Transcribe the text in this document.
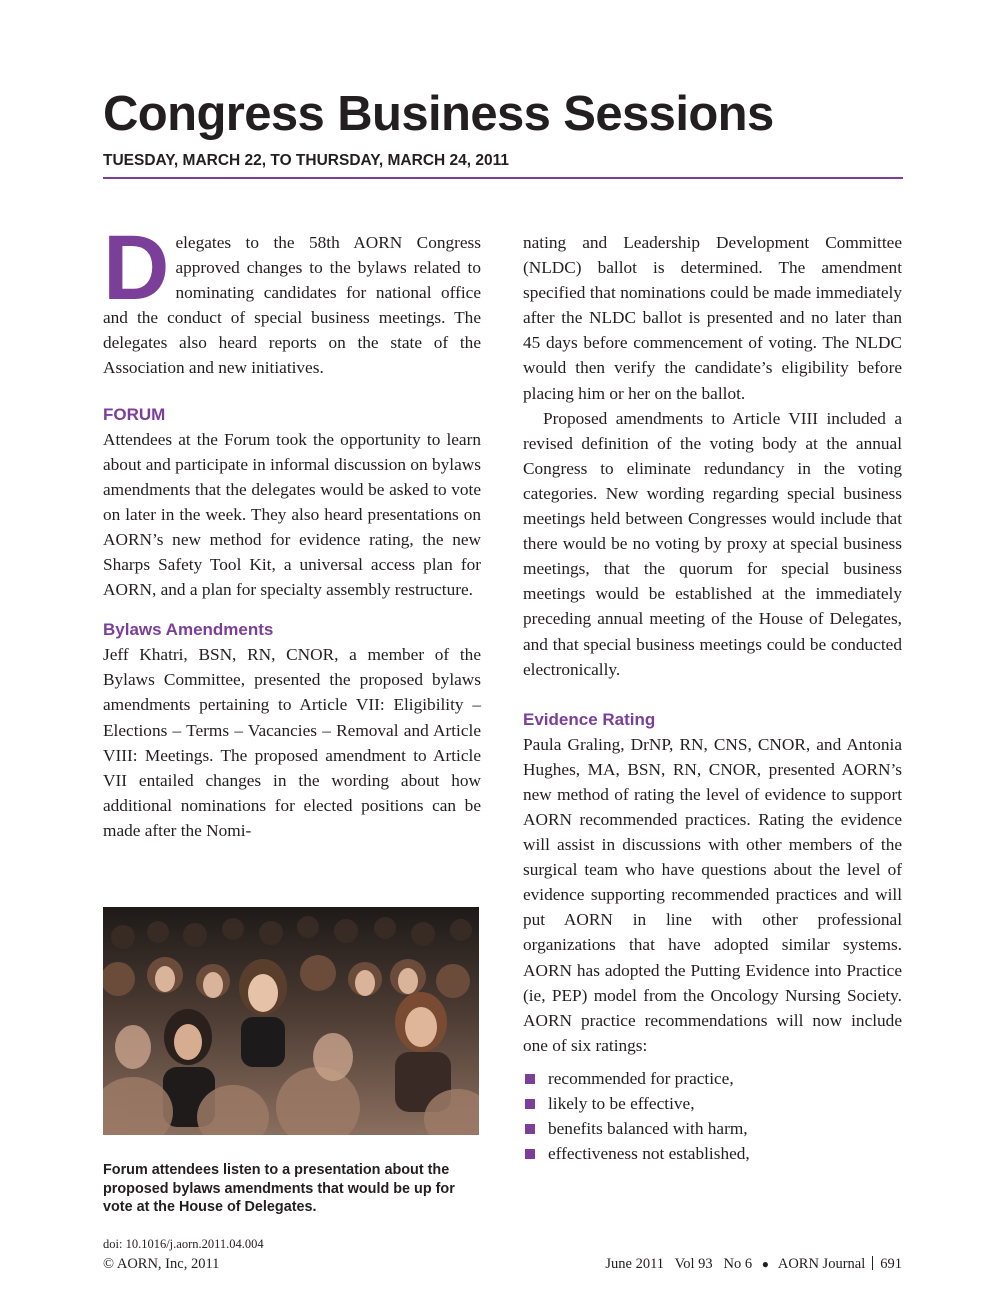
Congress Business Sessions
TUESDAY, MARCH 22, TO THURSDAY, MARCH 24, 2011

Delegates to the 58th AORN Congress approved changes to the bylaws related to nominating candidates for national office and the conduct of special business meetings. The delegates also heard reports on the state of the Association and new initiatives.

FORUM

Attendees at the Forum took the opportunity to learn about and participate in informal discussion on bylaws amendments that the delegates would be asked to vote on later in the week. They also heard presentations on AORN’s new method for evidence rating, the new Sharps Safety Tool Kit, a universal access plan for AORN, and a plan for specialty assembly restructure.

Bylaws Amendments

Jeff Khatri, BSN, RN, CNOR, a member of the Bylaws Committee, presented the proposed bylaws amendments pertaining to Article VII: Eligibility – Elections – Terms – Vacancies – Removal and Article VIII: Meetings. The proposed amendment to Article VII entailed changes in the wording about how additional nominations for elected positions can be made after the Nomi-

Forum attendees listen to a presentation about the proposed bylaws amendments that would be up for vote at the House of Delegates.

nating and Leadership Development Committee (NLDC) ballot is determined. The amendment specified that nominations could be made immediately after the NLDC ballot is presented and no later than 45 days before commencement of voting. The NLDC would then verify the candidate’s eligibility before placing him or her on the ballot.

Proposed amendments to Article VIII included a revised definition of the voting body at the annual Congress to eliminate redundancy in the voting categories. New wording regarding special business meetings held between Congresses would include that there would be no voting by proxy at special business meetings, that the quorum for special business meetings would be established at the immediately preceding annual meeting of the House of Delegates, and that special business meetings could be conducted electronically.

Evidence Rating

Paula Graling, DrNP, RN, CNS, CNOR, and Antonia Hughes, MA, BSN, RN, CNOR, presented AORN’s new method of rating the level of evidence to support AORN recommended practices. Rating the evidence will assist in discussions with other members of the surgical team who have questions about the level of evidence supporting recommended practices and will put AORN in line with other professional organizations that have adopted similar systems. AORN has adopted the Putting Evidence into Practice (ie, PEP) model from the Oncology Nursing Society. AORN practice recommendations will now include one of six ratings:

recommended for practice,
likely to be effective,
benefits balanced with harm,
effectiveness not established,
doi: 10.1016/j.aorn.2011.04.004
© AORN, Inc, 2011	June 2011   Vol 93   No 6 ● AORN Journal 691
